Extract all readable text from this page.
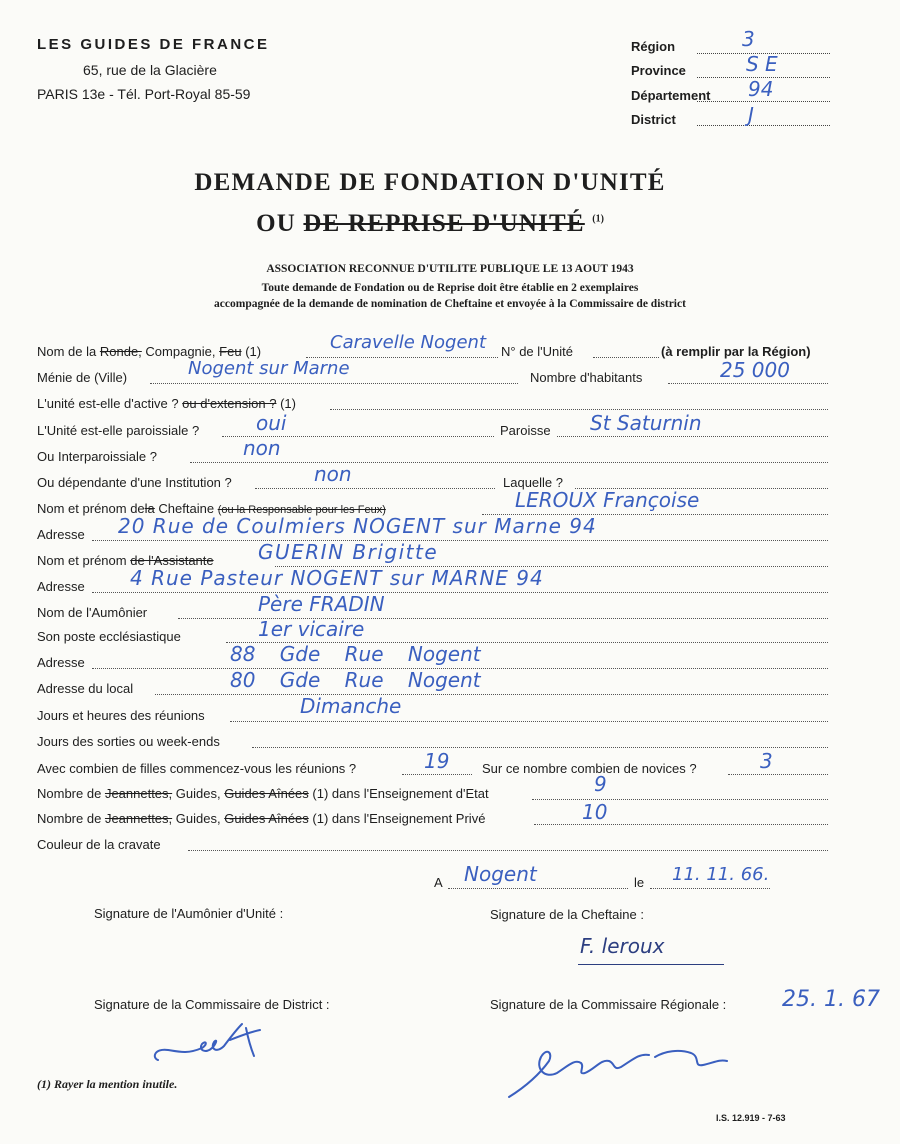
LES GUIDES DE FRANCE
65, rue de la Glacière
PARIS 13e - Tél. Port-Royal 85-59
Région	3
Province	S E
Département 94
District	J
DEMANDE DE FONDATION D'UNITÉ
OU DE REPRISE D'UNITÉ $^{(1)}$
ASSOCIATION RECONNUE D'UTILITE PUBLIQUE LE 13 AOUT 1943
Toute demande de Fondation ou de Reprise doit être établie en 2 exemplaires
accompagnée de la demande de nomination de Cheftaine et envoyée à la Commissaire de district
Nom de la Ronde, Compagnie, Feu (1)	Caravelle Nogent N° de l'Unité	(à remplir par la Région)
Ménie de (Ville)	Nogent sur Marne	Nombre d'habitants	25 000
L'unité est-elle d'active ? ou d'extension ? (1)
L'Unité est-elle paroissiale ?	oui	Paroisse St Saturnin
Ou Interparoissiale ?	non
Ou dépendante d'une Institution ?	non	Laquelle ?
Nom et prénom dela Cheftaine (ou la Responsable pour les Feux)	LEROUX Françoise
Adresse 20 Rue de Coulmiers NOGENT sur Marne 94
Nom et prénom de l'Assistante GUERIN Brigitte
Adresse 4 Rue Pasteur NOGENT sur MARNE 94
Nom de l'Aumônier	Père FRADIN
Son poste ecclésiastique	1er vicaire
Adresse	88 Gde Rue Nogent
Adresse du local	80 Gde Rue Nogent
Jours et heures des réunions	Dimanche
Jours des sorties ou week-ends
Avec combien de filles commencez-vous les réunions ?	19	Sur ce nombre combien de novices ?	3
Nombre de Jeannettes, Guides, Guides Aînées (1) dans l'Enseignement d'Etat	9
Nombre de Jeannettes, Guides, Guides Aînées (1) dans l'Enseignement Privé	10
Couleur de la cravate
A Nogent	le 11. 11. 66.
Signature de l'Aumônier d'Unité :	Signature de la Cheftaine :
F. leroux
Signature de la Commissaire de District :	Signature de la Commissaire Régionale :	25. 1. 67
(1) Rayer la mention inutile.
I.S. 12.919 - 7-63
